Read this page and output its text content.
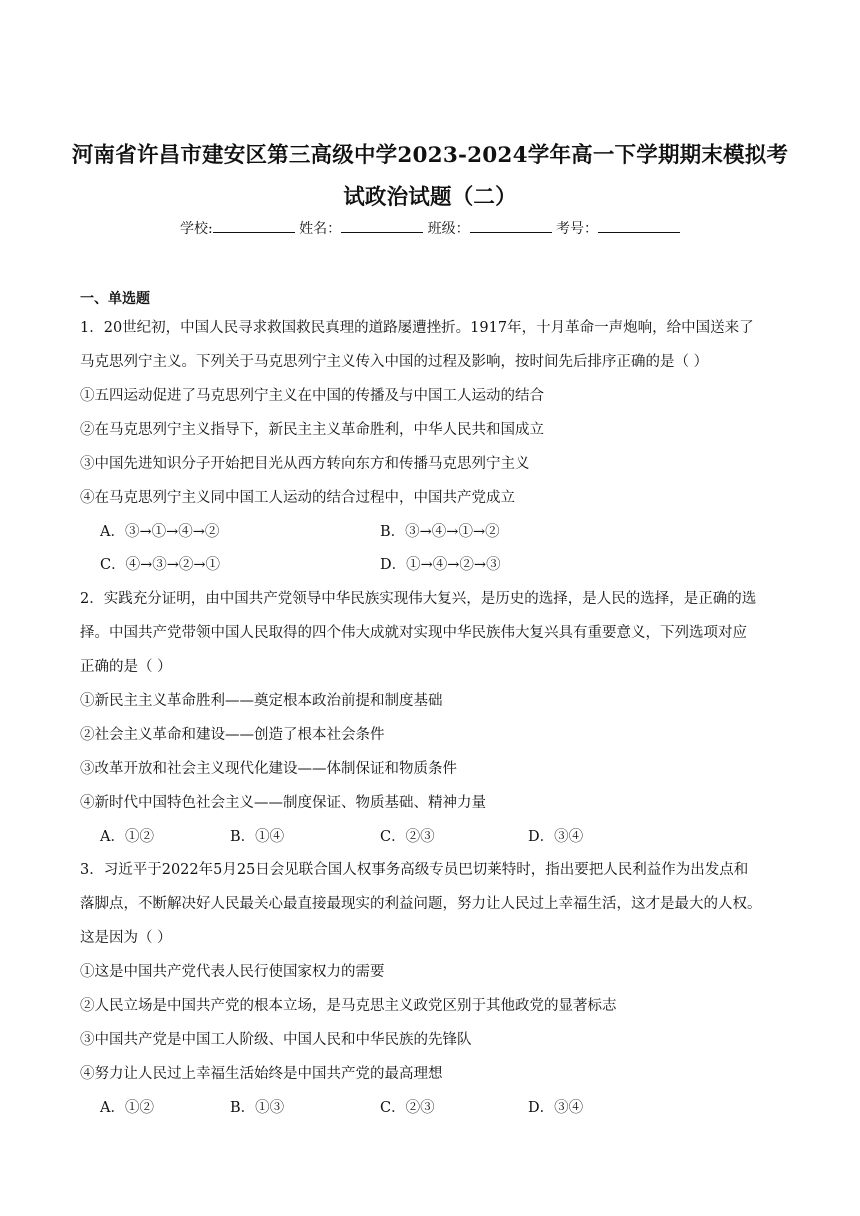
河南省许昌市建安区第三高级中学2023-2024学年高一下学期期末模拟考
试政治试题（二）
学校:	姓名：	班级：	考号：
一、单选题
1．20世纪初，中国人民寻求救国救民真理的道路屡遭挫折。1917年，十月革命一声炮响，给中国送来了
马克思列宁主义。下列关于马克思列宁主义传入中国的过程及影响，按时间先后排序正确的是（ ）
①五四运动促进了马克思列宁主义在中国的传播及与中国工人运动的结合
②在马克思列宁主义指导下，新民主主义革命胜利，中华人民共和国成立
③中国先进知识分子开始把目光从西方转向东方和传播马克思列宁主义
④在马克思列宁主义同中国工人运动的结合过程中，中国共产党成立
A．③→①→④→②	B．③→④→①→②
C．④→③→②→①	D．①→④→②→③
2．实践充分证明，由中国共产党领导中华民族实现伟大复兴，是历史的选择，是人民的选择，是正确的选
择。中国共产党带领中国人民取得的四个伟大成就对实现中华民族伟大复兴具有重要意义，下列选项对应
正确的是（ ）
①新民主主义革命胜利——奠定根本政治前提和制度基础
②社会主义革命和建设——创造了根本社会条件
③改革开放和社会主义现代化建设——体制保证和物质条件
④新时代中国特色社会主义——制度保证、物质基础、精神力量
A．①②	B．①④	C．②③	D．③④
3．习近平于2022年5月25日会见联合国人权事务高级专员巴切莱特时，指出要把人民利益作为出发点和
落脚点，不断解决好人民最关心最直接最现实的利益问题，努力让人民过上幸福生活，这才是最大的人权。
这是因为（ ）
①这是中国共产党代表人民行使国家权力的需要
②人民立场是中国共产党的根本立场，是马克思主义政党区别于其他政党的显著标志
③中国共产党是中国工人阶级、中国人民和中华民族的先锋队
④努力让人民过上幸福生活始终是中国共产党的最高理想
A．①②	B．①③	C．②③	D．③④
